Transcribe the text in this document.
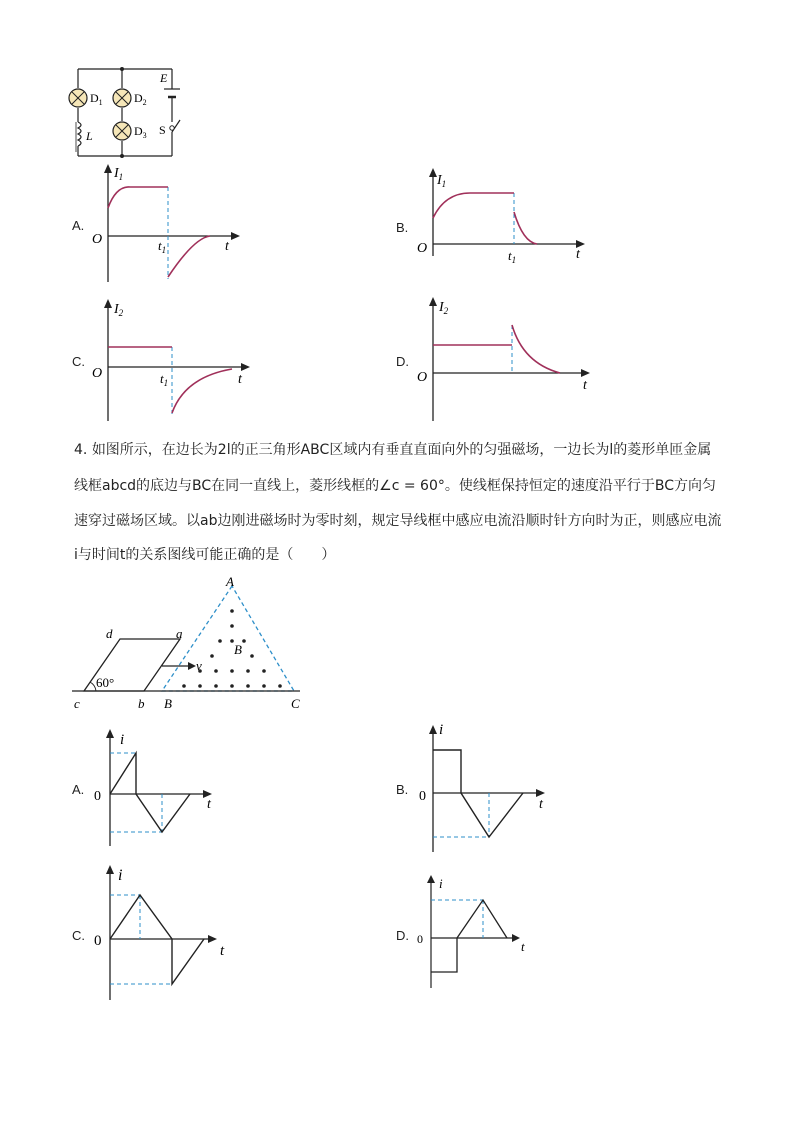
E
$D_1$	$D_2$
$D_3$
L	S
A.
$I_1$
O	t
$t_1$
B.
$I_1$
O	t
$t_1$
C.
$I_2$
O	t
$t_1$
D.
$I_2$
O
t
4. 如图所示，在边长为2l的正三角形ABC区域内有垂直直面向外的匀强磁场，一边长为l的菱形单匝金属
线框abcd的底边与BC在同一直线上，菱形线框的∠c = 60°。使线框保持恒定的速度沿平行于BC方向匀
速穿过磁场区域。以ab边刚进磁场时为零时刻，规定导线框中感应电流沿顺时针方向时为正，则感应电流
i与时间t的关系图线可能正确的是（　　）
A
B
B	C
a
b
c
d
v
60°
A.
i
0
t
B.
i
0
t
C.
i
0
t
D.
i
0	t
